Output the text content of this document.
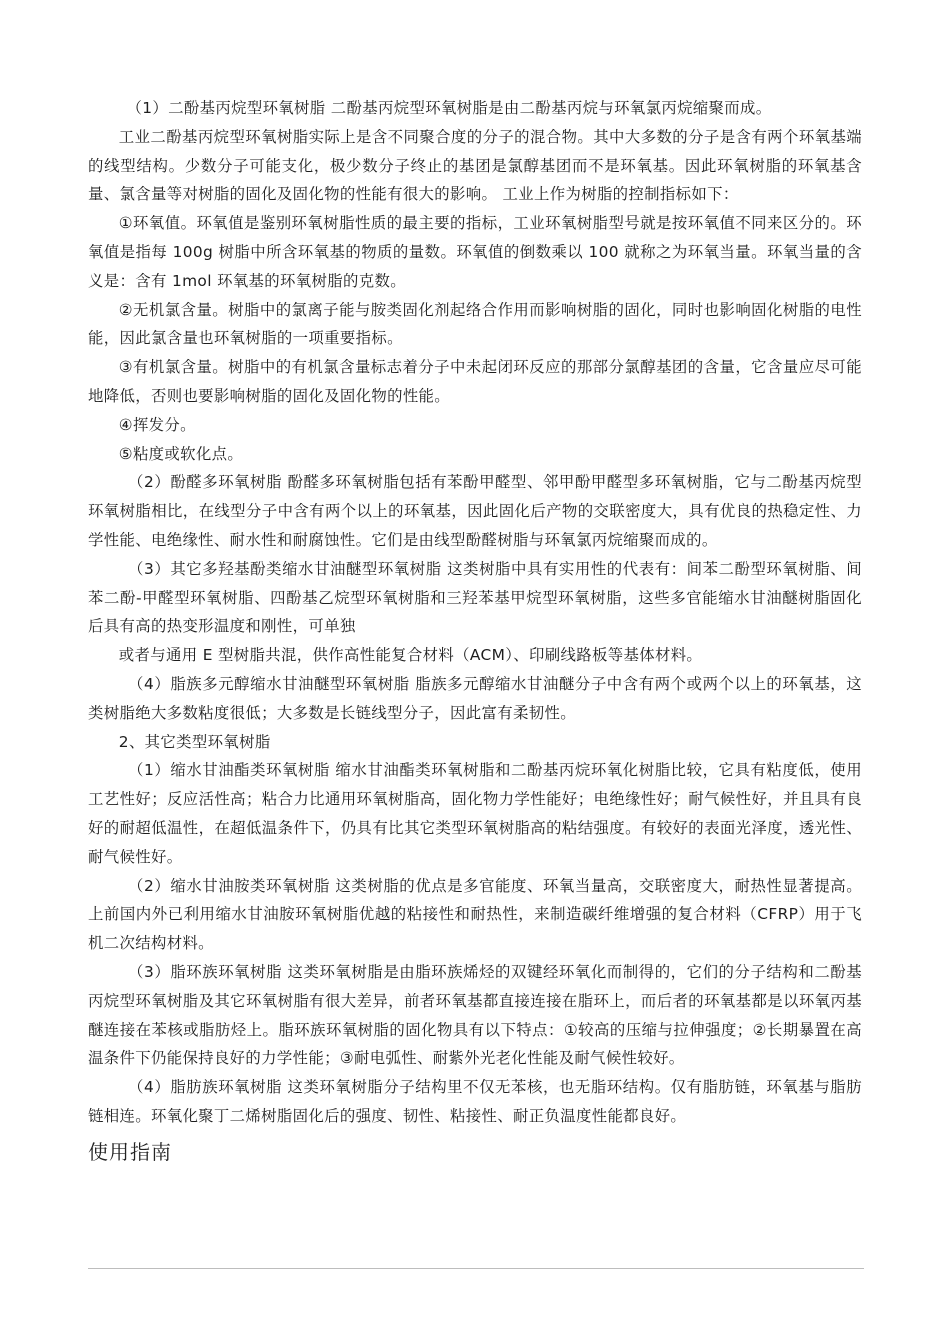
（1）二酚基丙烷型环氧树脂 二酚基丙烷型环氧树脂是由二酚基丙烷与环氧氯丙烷缩聚而成。

工业二酚基丙烷型环氧树脂实际上是含不同聚合度的分子的混合物。其中大多数的分子是含有两个环氧基端的线型结构。少数分子可能支化，极少数分子终止的基团是氯醇基团而不是环氧基。因此环氧树脂的环氧基含量、氯含量等对树脂的固化及固化物的性能有很大的影响。 工业上作为树脂的控制指标如下：

①环氧值。环氧值是鉴别环氧树脂性质的最主要的指标，工业环氧树脂型号就是按环氧值不同来区分的。环氧值是指每 100g 树脂中所含环氧基的物质的量数。环氧值的倒数乘以 100 就称之为环氧当量。环氧当量的含义是：含有 1mol 环氧基的环氧树脂的克数。

②无机氯含量。树脂中的氯离子能与胺类固化剂起络合作用而影响树脂的固化，同时也影响固化树脂的电性能，因此氯含量也环氧树脂的一项重要指标。

③有机氯含量。树脂中的有机氯含量标志着分子中未起闭环反应的那部分氯醇基团的含量，它含量应尽可能地降低，否则也要影响树脂的固化及固化物的性能。

④挥发分。

⑤粘度或软化点。

（2）酚醛多环氧树脂 酚醛多环氧树脂包括有苯酚甲醛型、邻甲酚甲醛型多环氧树脂，它与二酚基丙烷型环氧树脂相比，在线型分子中含有两个以上的环氧基，因此固化后产物的交联密度大，具有优良的热稳定性、力学性能、电绝缘性、耐水性和耐腐蚀性。它们是由线型酚醛树脂与环氧氯丙烷缩聚而成的。

（3）其它多羟基酚类缩水甘油醚型环氧树脂 这类树脂中具有实用性的代表有：间苯二酚型环氧树脂、间苯二酚-甲醛型环氧树脂、四酚基乙烷型环氧树脂和三羟苯基甲烷型环氧树脂，这些多官能缩水甘油醚树脂固化后具有高的热变形温度和刚性，可单独

或者与通用 E 型树脂共混，供作高性能复合材料（ACM）、印刷线路板等基体材料。

（4）脂族多元醇缩水甘油醚型环氧树脂 脂族多元醇缩水甘油醚分子中含有两个或两个以上的环氧基，这类树脂绝大多数粘度很低；大多数是长链线型分子，因此富有柔韧性。

2、其它类型环氧树脂

（1）缩水甘油酯类环氧树脂 缩水甘油酯类环氧树脂和二酚基丙烷环氧化树脂比较，它具有粘度低，使用工艺性好；反应活性高；粘合力比通用环氧树脂高，固化物力学性能好；电绝缘性好；耐气候性好，并且具有良好的耐超低温性，在超低温条件下，仍具有比其它类型环氧树脂高的粘结强度。有较好的表面光泽度，透光性、耐气候性好。

（2）缩水甘油胺类环氧树脂 这类树脂的优点是多官能度、环氧当量高，交联密度大，耐热性显著提高。上前国内外已利用缩水甘油胺环氧树脂优越的粘接性和耐热性，来制造碳纤维增强的复合材料（CFRP）用于飞机二次结构材料。

（3）脂环族环氧树脂 这类环氧树脂是由脂环族烯烃的双键经环氧化而制得的，它们的分子结构和二酚基丙烷型环氧树脂及其它环氧树脂有很大差异，前者环氧基都直接连接在脂环上，而后者的环氧基都是以环氧丙基醚连接在苯核或脂肪烃上。脂环族环氧树脂的固化物具有以下特点：①较高的压缩与拉伸强度；②长期暴置在高温条件下仍能保持良好的力学性能；③耐电弧性、耐紫外光老化性能及耐气候性较好。

（4）脂肪族环氧树脂 这类环氧树脂分子结构里不仅无苯核，也无脂环结构。仅有脂肪链，环氧基与脂肪链相连。环氧化聚丁二烯树脂固化后的强度、韧性、粘接性、耐正负温度性能都良好。

使用指南
